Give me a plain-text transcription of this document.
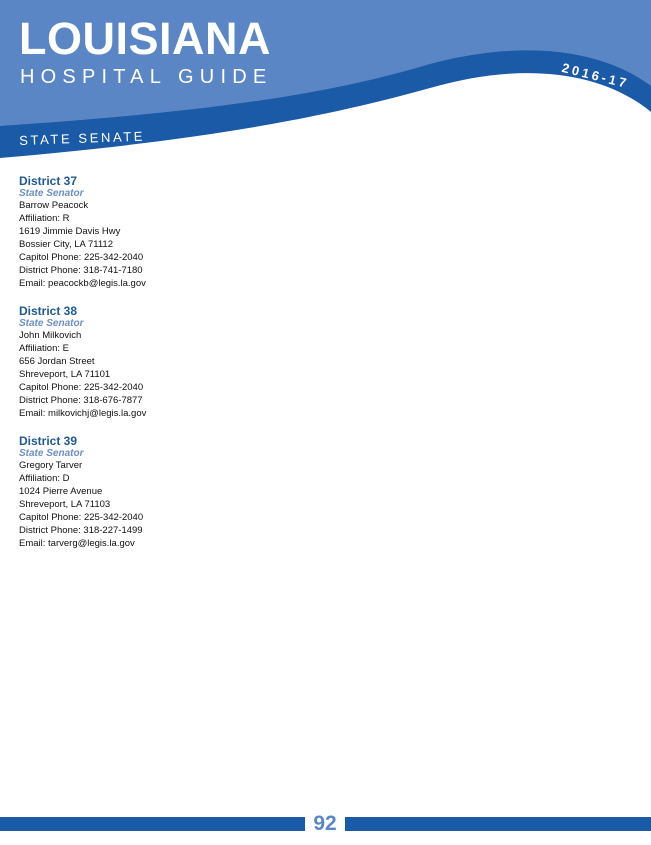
LOUISIANA
HOSPITAL GUIDE	2016-17
STATE SENATE
District 37
State Senator
Barrow Peacock
Affiliation: R
1619 Jimmie Davis Hwy
Bossier City, LA 71112
Capitol Phone: 225-342-2040
District Phone: 318-741-7180
Email: peacockb@legis.la.gov
District 38
State Senator
John Milkovich
Affiliation: E
656 Jordan Street
Shreveport, LA 71101
Capitol Phone: 225-342-2040
District Phone: 318-676-7877
Email: milkovichj@legis.la.gov
District 39
State Senator
Gregory Tarver
Affiliation: D
1024 Pierre Avenue
Shreveport, LA 71103
Capitol Phone: 225-342-2040
District Phone: 318-227-1499
Email: tarverg@legis.la.gov
92
